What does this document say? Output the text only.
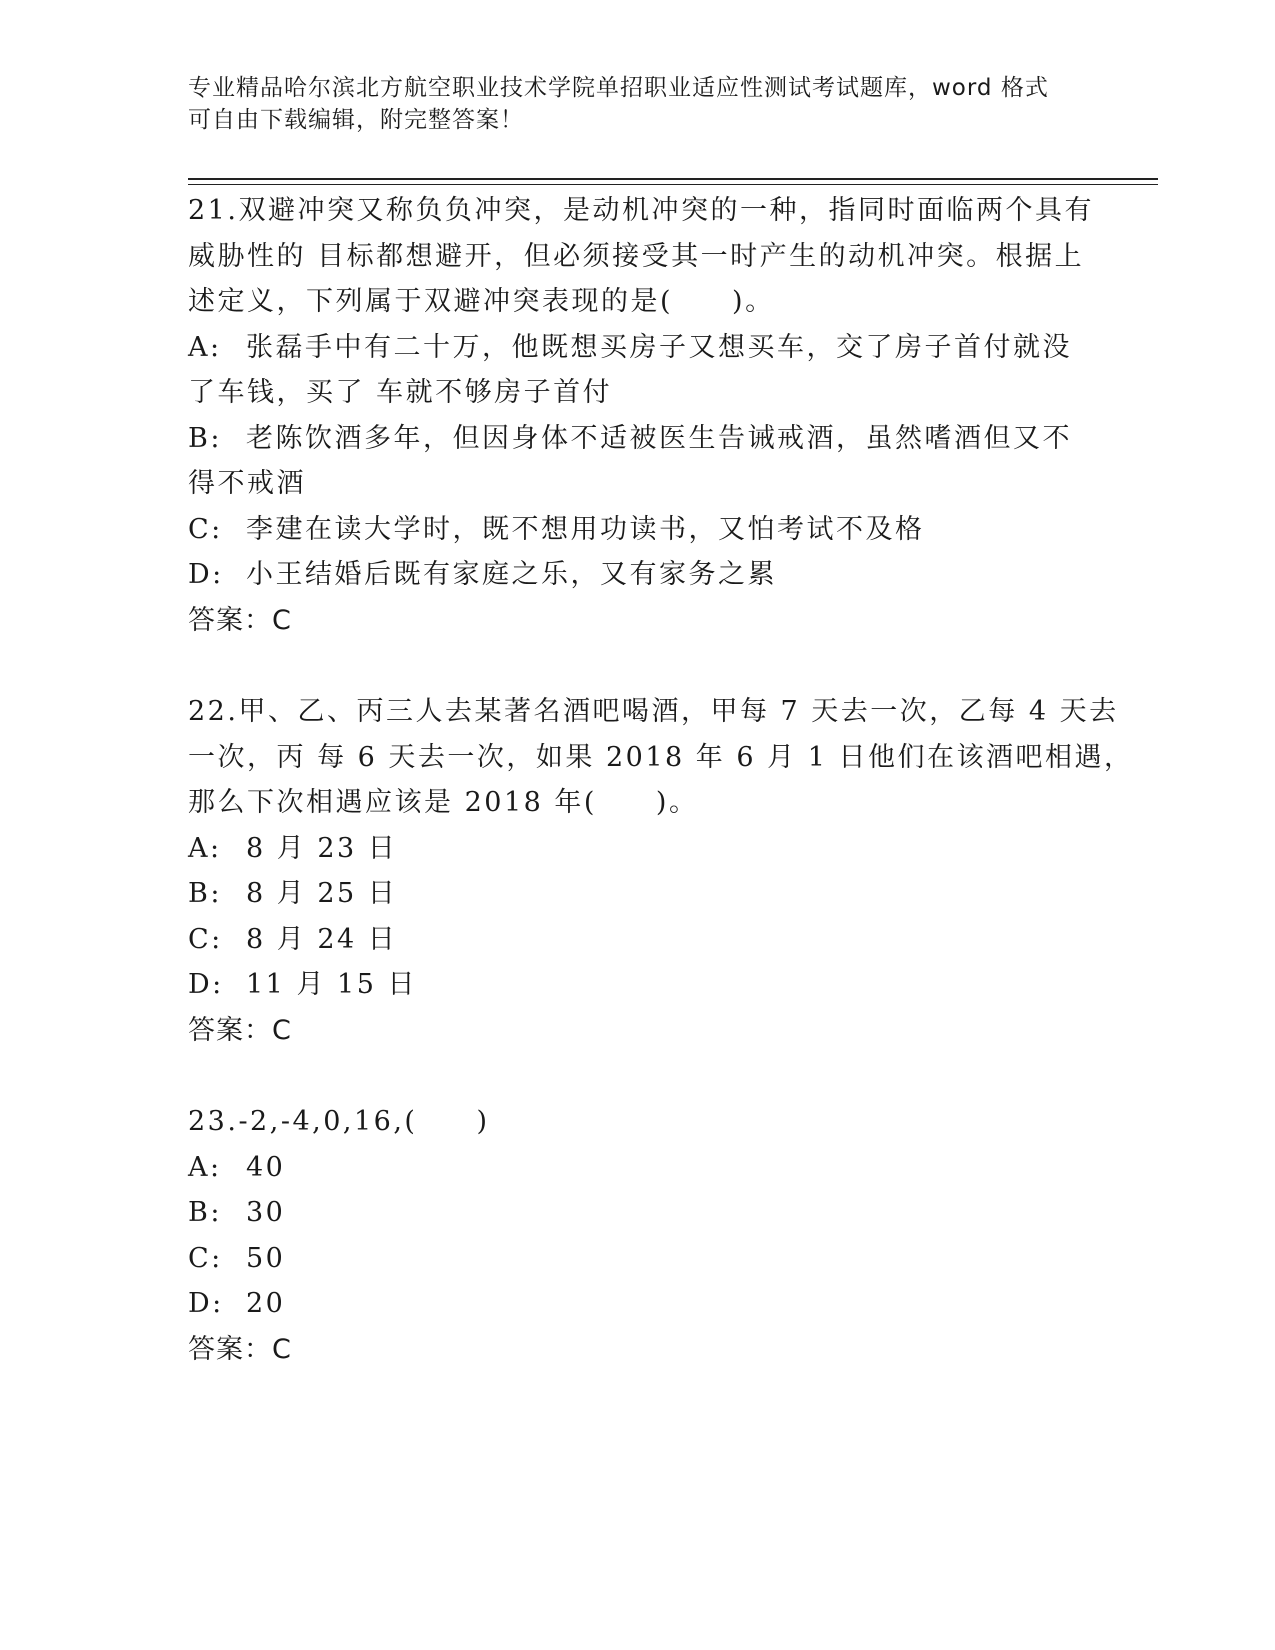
专业精品哈尔滨北方航空职业技术学院单招职业适应性测试考试题库，word 格式
可自由下载编辑，附完整答案！
21.双避冲突又称负负冲突，是动机冲突的一种，指同时面临两个具有
威胁性的 目标都想避开，但必须接受其一时产生的动机冲突。根据上
述定义，下列属于双避冲突表现的是(　　)。
A: 张磊手中有二十万，他既想买房子又想买车，交了房子首付就没
了车钱，买了 车就不够房子首付
B: 老陈饮酒多年，但因身体不适被医生告诫戒酒，虽然嗜酒但又不
得不戒酒
C: 李建在读大学时，既不想用功读书，又怕考试不及格
D: 小王结婚后既有家庭之乐，又有家务之累
答案：C
22.甲、乙、丙三人去某著名酒吧喝酒，甲每 7 天去一次，乙每 4 天去
一次，丙 每 6 天去一次，如果 2018 年 6 月 1 日他们在该酒吧相遇，
那么下次相遇应该是 2018 年(　　)。
A: 8 月 23 日
B: 8 月 25 日
C: 8 月 24 日
D: 11 月 15 日
答案：C
23.-2,-4,0,16,(　　)
A: 40
B: 30
C: 50
D: 20
答案：C
